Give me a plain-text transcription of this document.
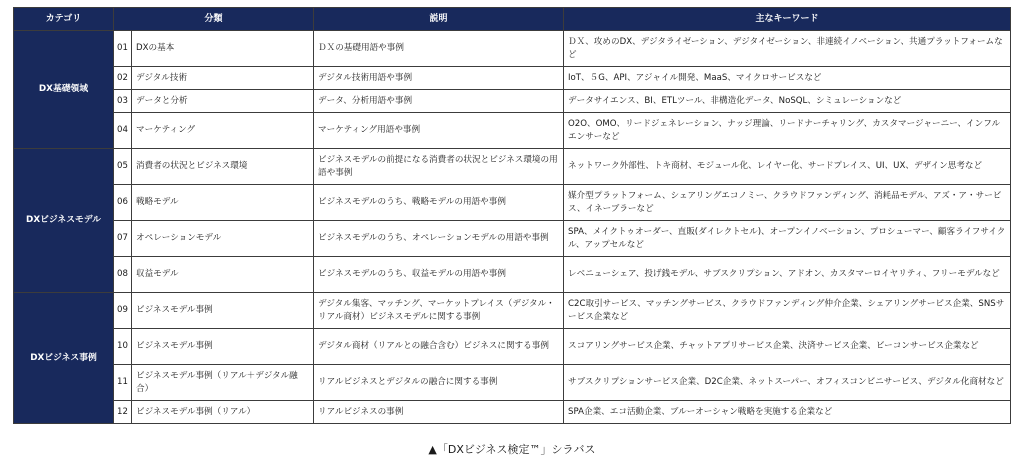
カテゴリ	分類		説明	主なキーワード
DX基礎領域	01	DXの基本	ＤＸの基礎用語や事例	ＤＸ、攻めのDX、デジタライゼーション、デジタイゼーション、非連続イノベーション、共通プラットフォームなど
	02	デジタル技術	デジタル技術用語や事例	IoT、５G、API、アジャイル開発、MaaS、マイクロサービスなど
	03	データと分析	データ、分析用語や事例	データサイエンス、BI、ETLツール、非構造化データ、NoSQL、シミュレーションなど
	04	マーケティング	マーケティング用語や事例	O2O、OMO、リードジェネレーション、ナッジ理論、リードナーチャリング、カスタマージャーニー、インフルエンサーなど
DXビジネスモデル	05	消費者の状況とビジネス環境	ビジネスモデルの前提になる消費者の状況とビジネス環境の用語や事例	ネットワーク外部性、トキ商材、モジュール化、レイヤー化、サードプレイス、UI、UX、デザイン思考など
	06	戦略モデル	ビジネスモデルのうち、戦略モデルの用語や事例	媒介型プラットフォーム、シェアリングエコノミー、クラウドファンディング、消耗品モデル、アズ・ア・サービス、イネーブラーなど
	07	オペレーションモデル	ビジネスモデルのうち、オペレーションモデルの用語や事例	SPA、メイクトゥオーダー、直販(ダイレクトセル)、オープンイノベーション、プロシューマー、顧客ライフサイクル、アップセルなど
	08	収益モデル	ビジネスモデルのうち、収益モデルの用語や事例	レベニューシェア、投げ銭モデル、サブスクリプション、アドオン、カスタマーロイヤリティ、フリーモデルなど
DXビジネス事例	09	ビジネスモデル事例	デジタル集客、マッチング、マーケットプレイス（デジタル・リアル商材）ビジネスモデルに関する事例	C2C取引サービス、マッチングサービス、クラウドファンディング仲介企業、シェアリングサービス企業、SNSサービス企業など
	10	ビジネスモデル事例	デジタル商材（リアルとの融合含む）ビジネスに関する事例	スコアリングサービス企業、チャットアプリサービス企業、決済サービス企業、ビーコンサービス企業など
	11	ビジネスモデル事例（リアル＋デジタル融合）	リアルビジネスとデジタルの融合に関する事例	サブスクリプションサービス企業、D2C企業、ネットスーパー、オフィスコンビニサービス、デジタル化商材など
	12	ビジネスモデル事例（リアル）	リアルビジネスの事例	SPA企業、エコ活動企業、ブルーオーシャン戦略を実施する企業など
▲「DXビジネス検定™」シラバス
